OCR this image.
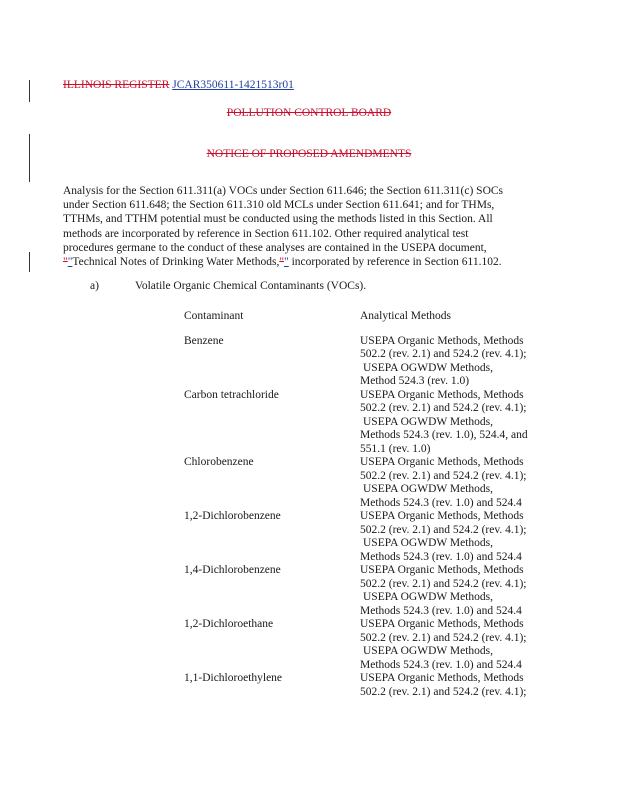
ILLINOIS REGISTER JCAR350611-1421513r01
POLLUTION CONTROL BOARD
NOTICE OF PROPOSED AMENDMENTS

Analysis for the Section 611.311(a) VOCs under Section 611.646; the Section 611.311(c) SOCs

under Section 611.648; the Section 611.310 old MCLs under Section 611.641; and for THMs,

TTHMs, and TTHM potential must be conducted using the methods listed in this Section. All

methods are incorporated by reference in Section 611.102. Other required analytical test

procedures germane to the conduct of these analyses are contained in the USEPA document,

""Technical Notes of Drinking Water Methods,"" incorporated by reference in Section 611.102.

a)	Volatile Organic Chemical Contaminants (VOCs).
Contaminant	Analytical Methods
Benzene	USEPA Organic Methods, Methods
502.2 (rev. 2.1) and 524.2 (rev. 4.1);
USEPA OGWDW Methods,
Method 524.3 (rev. 1.0)
Carbon tetrachloride	USEPA Organic Methods, Methods
502.2 (rev. 2.1) and 524.2 (rev. 4.1);
USEPA OGWDW Methods,
Methods 524.3 (rev. 1.0), 524.4, and
551.1 (rev. 1.0)
Chlorobenzene	USEPA Organic Methods, Methods
502.2 (rev. 2.1) and 524.2 (rev. 4.1);
USEPA OGWDW Methods,
Methods 524.3 (rev. 1.0) and 524.4
1,2-Dichlorobenzene	USEPA Organic Methods, Methods
502.2 (rev. 2.1) and 524.2 (rev. 4.1);
USEPA OGWDW Methods,
Methods 524.3 (rev. 1.0) and 524.4
1,4-Dichlorobenzene	USEPA Organic Methods, Methods
502.2 (rev. 2.1) and 524.2 (rev. 4.1);
USEPA OGWDW Methods,
Methods 524.3 (rev. 1.0) and 524.4
1,2-Dichloroethane	USEPA Organic Methods, Methods
502.2 (rev. 2.1) and 524.2 (rev. 4.1);
USEPA OGWDW Methods,
Methods 524.3 (rev. 1.0) and 524.4
1,1-Dichloroethylene	USEPA Organic Methods, Methods
502.2 (rev. 2.1) and 524.2 (rev. 4.1);
